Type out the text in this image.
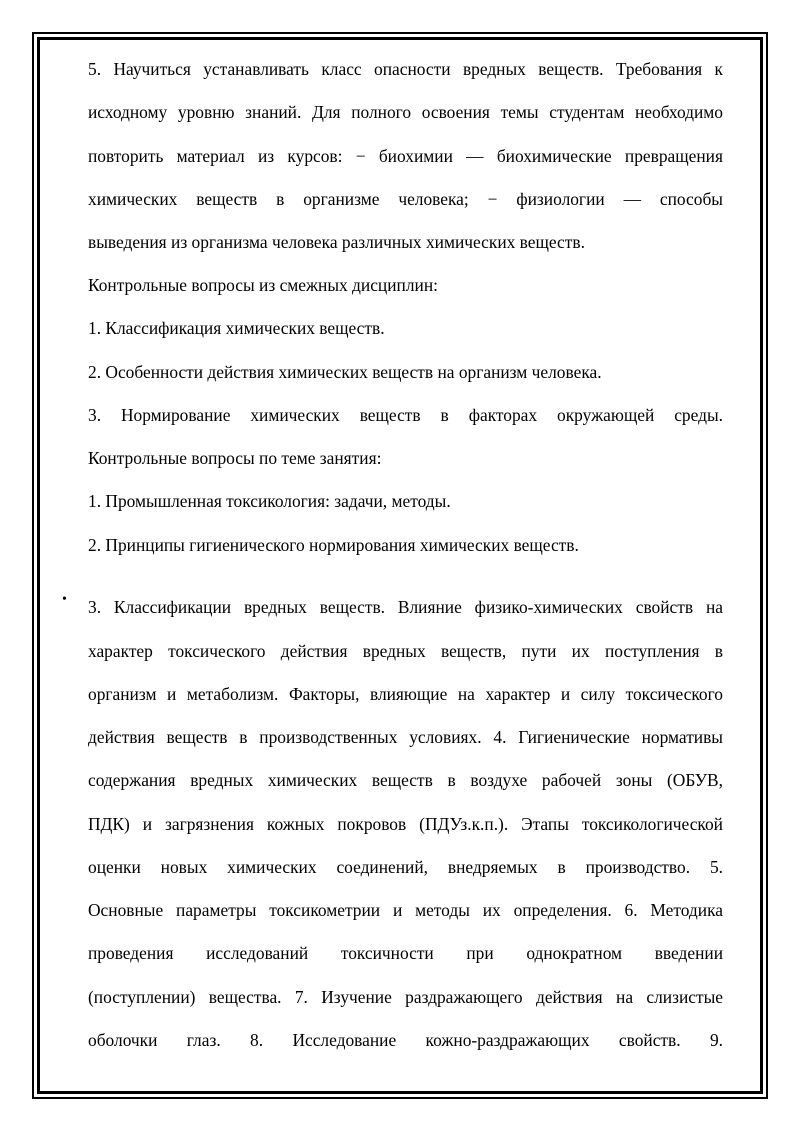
5. Научиться устанавливать класс опасности вредных веществ. Требования к
исходному уровню знаний. Для полного освоения темы студентам необходимо
повторить материал из курсов: − биохимии — биохимические превращения
химических веществ в организме человека; − физиологии — способы
выведения из организма человека различных химических веществ.
Контрольные вопросы из смежных дисциплин:
1. Классификация химических веществ.
2. Особенности действия химических веществ на организм человека.
3. Нормирование химических веществ в факторах окружающей среды.
Контрольные вопросы по теме занятия:
1. Промышленная токсикология: задачи, методы.
2. Принципы гигиенического нормирования химических веществ.
• 3. Классификации вредных веществ. Влияние физико-химических свойств на
характер токсического действия вредных веществ, пути их поступления в
организм и метаболизм. Факторы, влияющие на характер и силу токсического
действия веществ в производственных условиях. 4. Гигиенические нормативы
содержания вредных химических веществ в воздухе рабочей зоны (ОБУВ,
ПДК) и загрязнения кожных покровов (ПДУз.к.п.). Этапы токсикологической
оценки новых химических соединений, внедряемых в производство. 5.
Основные параметры токсикометрии и методы их определения. 6. Методика
проведения исследований токсичности при однократном введении
(поступлении) вещества. 7. Изучение раздражающего действия на слизистые
оболочки глаз. 8. Исследование кожно-раздражающих свойств. 9.
